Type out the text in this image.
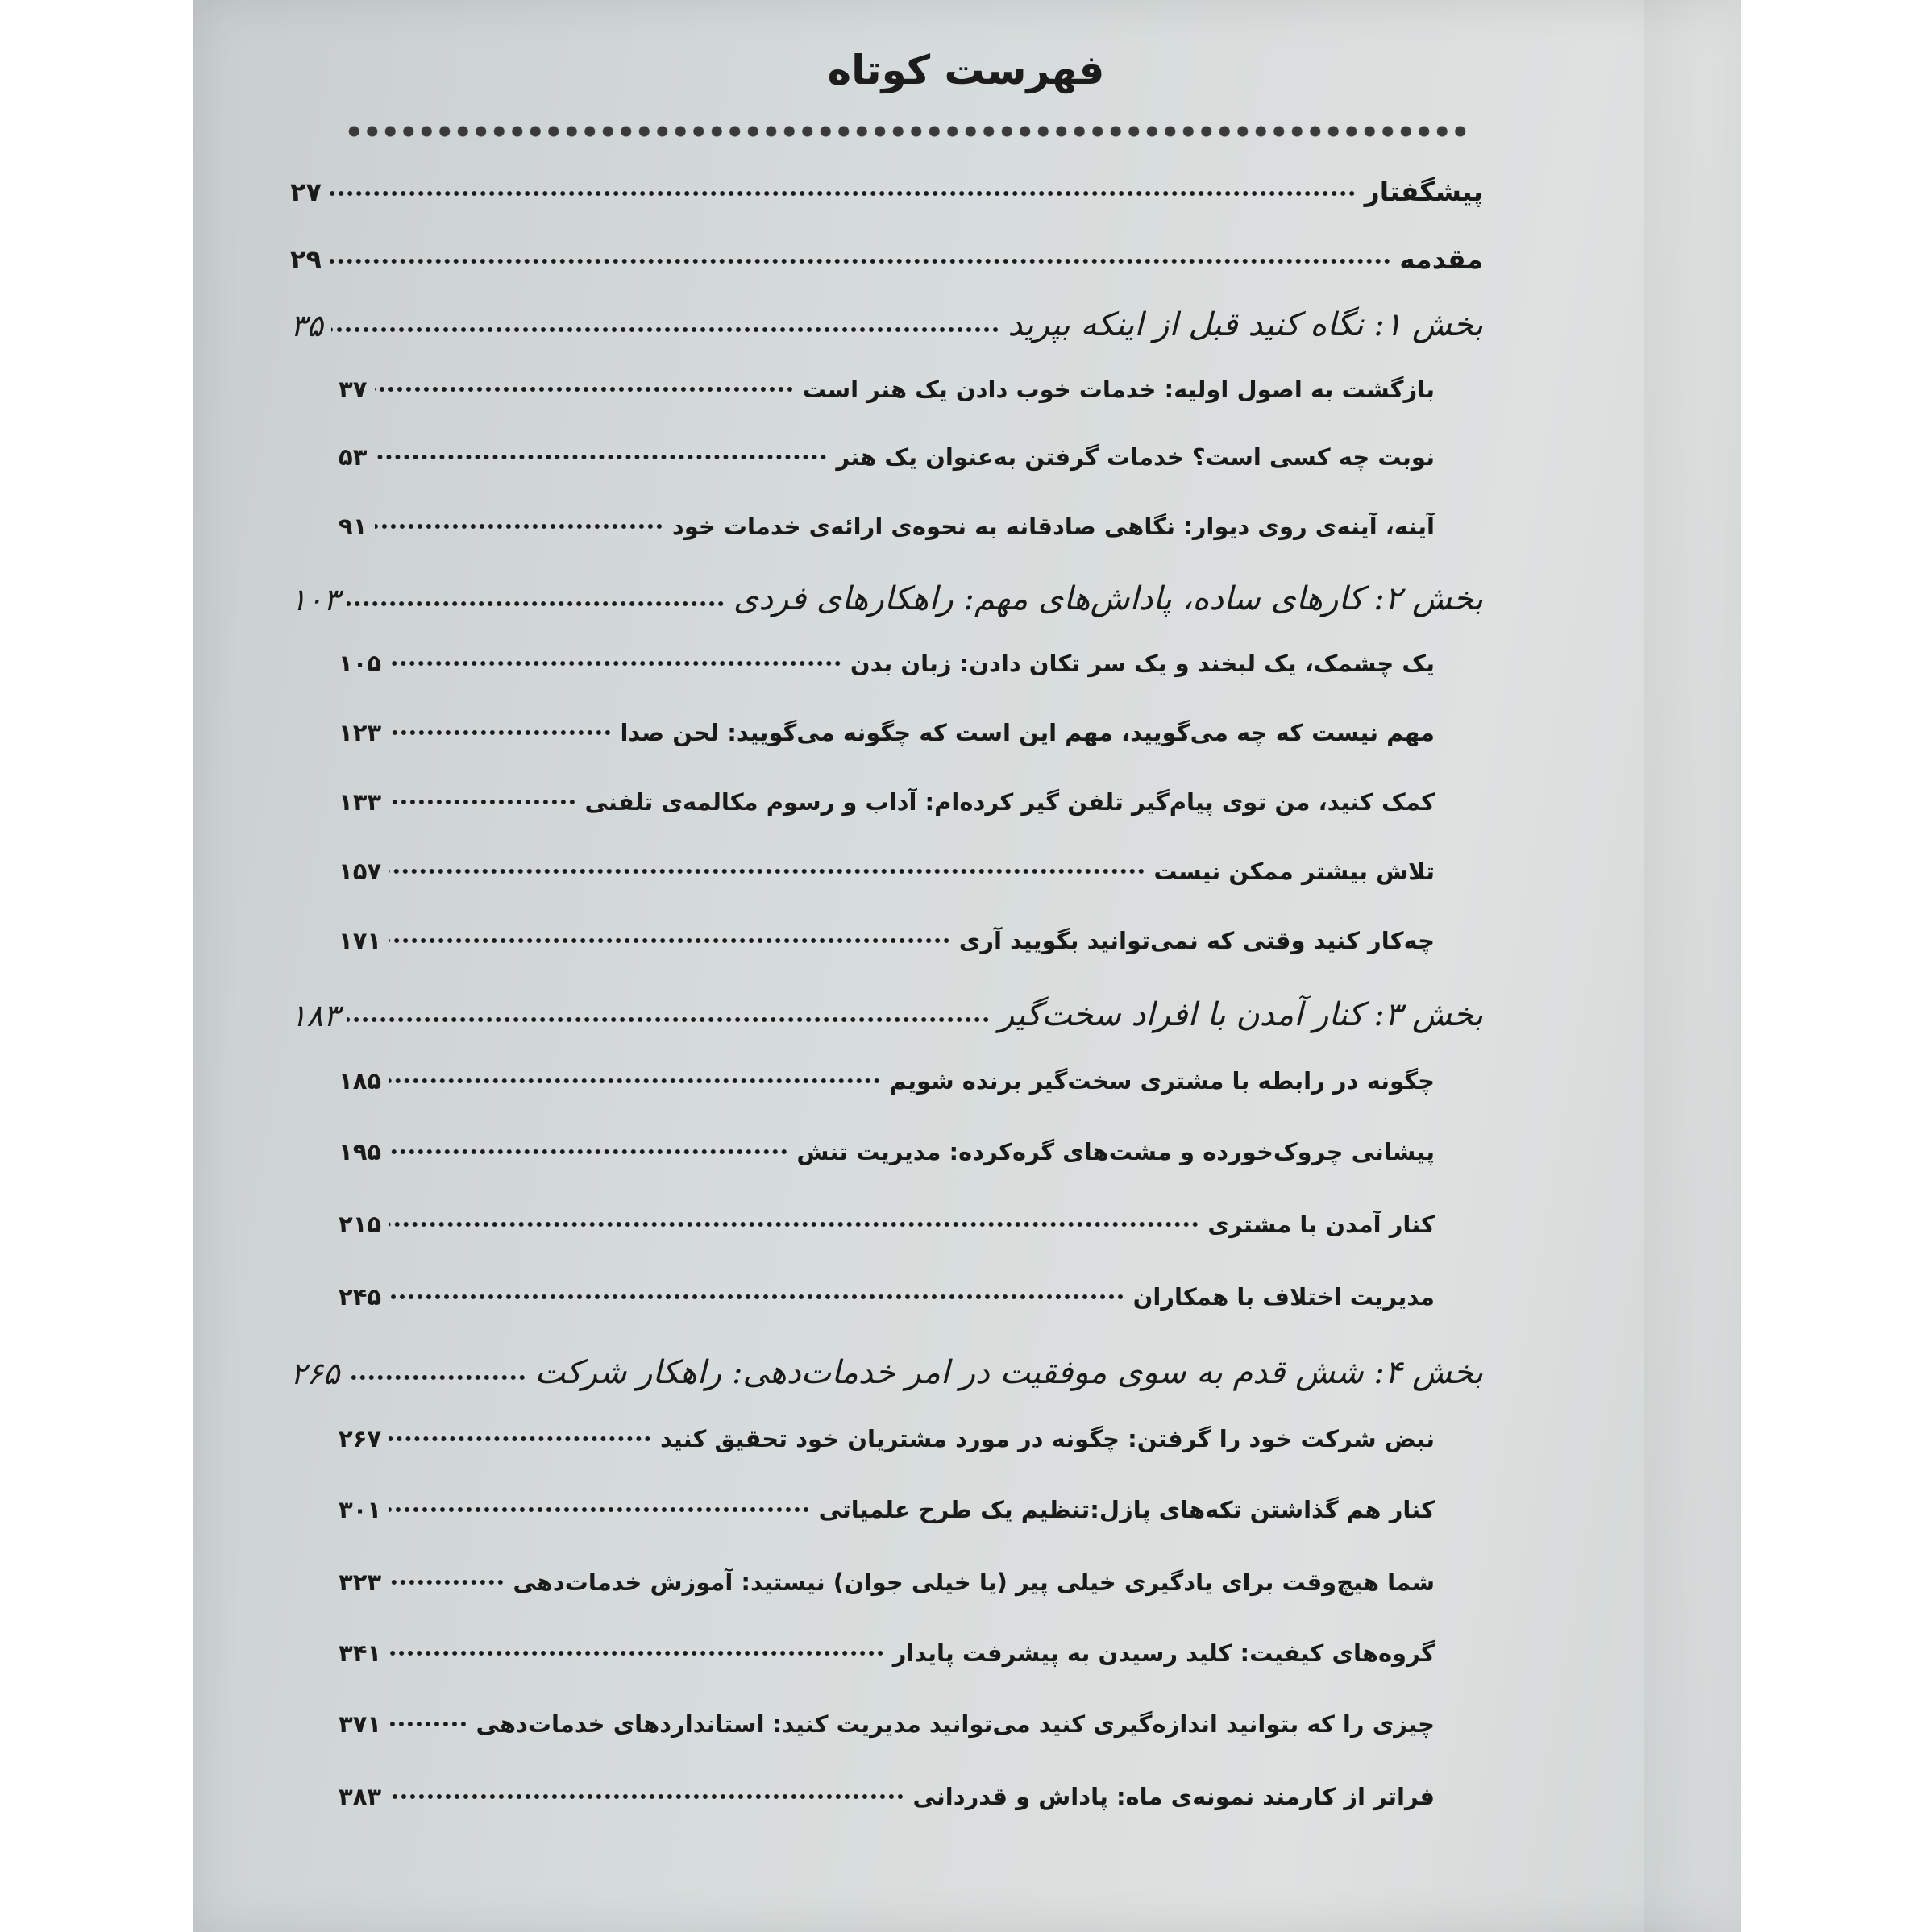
فهرست کوتاه
پیشگفتار
۲۷
مقدمه
۲۹
بخش ۱: نگاه کنید قبل از اینکه بپرید
۳۵
بازگشت به اصول اولیه: خدمات خوب دادن یک هنر است
۳۷
نوبت چه کسی است؟ خدمات گرفتن به‌عنوان یک هنر
۵۳
آینه، آینه‌ی روی دیوار: نگاهی صادقانه به نحوه‌ی ارائه‌ی خدمات خود
۹۱
بخش ۲: کارهای ساده، پاداش‌های مهم: راهکارهای فردی
۱۰۳
یک چشمک، یک لبخند و یک سر تکان دادن: زبان بدن
۱۰۵
مهم نیست که چه می‌گویید، مهم این است که چگونه می‌گویید: لحن صدا
۱۲۳
کمک کنید، من توی پیام‌گیر تلفن گیر کرده‌ام: آداب و رسوم مکالمه‌ی تلفنی
۱۳۳
تلاش بیشتر ممکن نیست
۱۵۷
چه‌کار کنید وقتی که نمی‌توانید بگویید آری
۱۷۱
بخش ۳: کنار آمدن با افراد سخت‌گیر
۱۸۳
چگونه در رابطه با مشتری سخت‌گیر برنده شویم
۱۸۵
پیشانی چروک‌خورده و مشت‌های گره‌کرده: مدیریت تنش
۱۹۵
کنار آمدن با مشتری
۲۱۵
مدیریت اختلاف با همکاران
۲۴۵
بخش ۴: شش قدم به سوی موفقیت در امر خدمات‌دهی: راهکار شرکت
۲۶۵
نبض شرکت خود را گرفتن: چگونه در مورد مشتریان خود تحقیق کنید
۲۶۷
کنار هم گذاشتن تکه‌های پازل:تنظیم یک طرح علمیاتی
۳۰۱
شما هیچ‌وقت برای یادگیری خیلی پیر (یا خیلی جوان) نیستید: آموزش خدمات‌دهی
۳۲۳
گروه‌های کیفیت: کلید رسیدن به پیشرفت پایدار
۳۴۱
چیزی را که بتوانید اندازه‌گیری کنید می‌توانید مدیریت کنید: استانداردهای خدمات‌دهی
۳۷۱
فراتر از کارمند نمونه‌ی ماه: پاداش و قدردانی
۳۸۳
